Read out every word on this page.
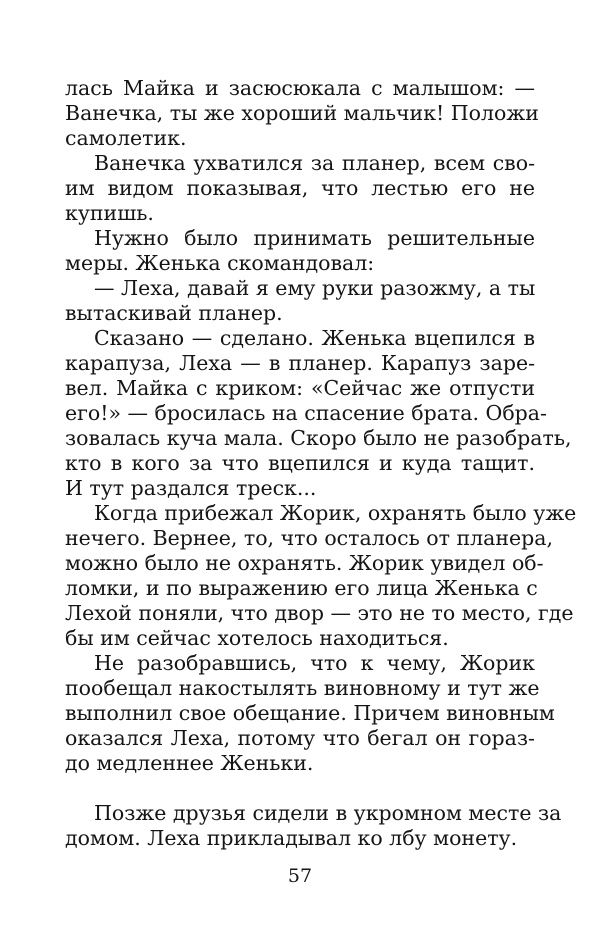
лась Майка и засюсюкала с малышом: —
Ванечка, ты же хороший мальчик! Положи
самолетик.
Ванечка ухватился за планер, всем сво-
им видом показывая, что лестью его не
купишь.
Нужно было принимать решительные
меры. Женька скомандовал:
— Леха, давай я ему руки разожму, а ты
вытаскивай планер.
Сказано — сделано. Женька вцепился в
карапуза, Леха — в планер. Карапуз заре-
вел. Майка с криком: «Сейчас же отпусти
его!» — бросилась на спасение брата. Обра-
зовалась куча мала. Скоро было не разобрать,
кто в кого за что вцепился и куда тащит.
И тут раздался треск...
Когда прибежал Жорик, охранять было уже
нечего. Вернее, то, что осталось от планера,
можно было не охранять. Жорик увидел об-
ломки, и по выражению его лица Женька с
Лехой поняли, что двор — это не то место, где
бы им сейчас хотелось находиться.
Не разобравшись, что к чему, Жорик
пообещал накостылять виновному и тут же
выполнил свое обещание. Причем виновным
оказался Леха, потому что бегал он гораз-
до медленнее Женьки.
Позже друзья сидели в укромном месте за
домом. Леха прикладывал ко лбу монету.
57
